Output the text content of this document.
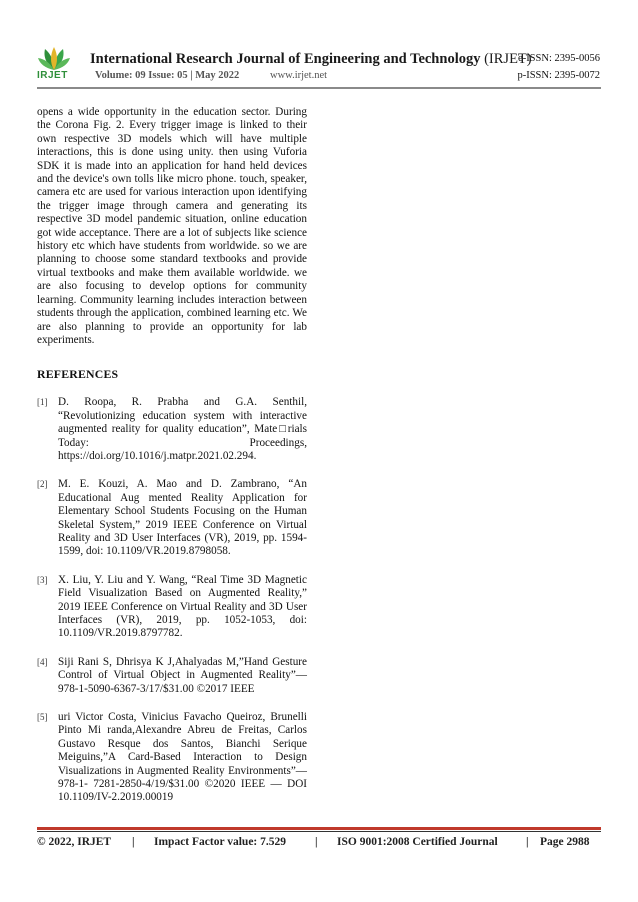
IRJET
International Research Journal of Engineering and Technology (IRJET)
e-ISSN: 2395-0056
Volume: 09 Issue: 05 | May 2022	www.irjet.net	p-ISSN: 2395-0072

opens a wide opportunity in the education sector. During the Corona Fig. 2. Every trigger image is linked to their own respective 3D models which will have multiple interactions, this is done using unity. then using Vuforia SDK it is made into an application for hand held devices and the device's own tolls like micro phone. touch, speaker, camera etc are used for various interaction upon identifying the trigger image through camera and generating its respective 3D model pandemic situation, online education got wide acceptance. There are a lot of subjects like science history etc which have students from worldwide. so we are planning to choose some standard textbooks and provide virtual textbooks and make them available worldwide. we are also focusing to develop options for community learning. Community learning includes interaction between students through the application, combined learning etc. We are also planning to provide an opportunity for lab experiments.

REFERENCES
[1] D. Roopa, R. Prabha and G.A. Senthil, “Revolutionizing education system with interactive augmented reality for quality education”, Mate□rials Today: Proceedings, https://doi.org/10.1016/j.matpr.2021.02.294.
[2] M. E. Kouzi, A. Mao and D. Zambrano, “An Educational Aug mented Reality Application for Elementary School Students Focusing on the Human Skeletal System,” 2019 IEEE Conference on Virtual Reality and 3D User Interfaces (VR), 2019, pp. 1594-1599, doi: 10.1109/VR.2019.8798058.
[3] X. Liu, Y. Liu and Y. Wang, “Real Time 3D Magnetic Field Visualization Based on Augmented Reality,” 2019 IEEE Conference on Virtual Reality and 3D User Interfaces (VR), 2019, pp. 1052-1053, doi: 10.1109/VR.2019.8797782.
[4] Siji Rani S, Dhrisya K J,Ahalyadas M,”Hand Gesture Control of Virtual Object in Augmented Reality”—978-1-5090-6367-3/17/$31.00 ©2017 IEEE
[5] uri Victor Costa, Vinicius Favacho Queiroz, Brunelli Pinto Mi randa,Alexandre Abreu de Freitas, Carlos Gustavo Resque dos Santos, Bianchi Serique Meiguins,”A Card-Based Interaction to Design Visualizations in Augmented Reality Environments”— 978-1- 7281-2850-4/19/$31.00 ©2020 IEEE — DOI 10.1109/IV-2.2019.00019
© 2022, IRJET | Impact Factor value: 7.529	| ISO 9001:2008 Certified Journal | Page 2988
